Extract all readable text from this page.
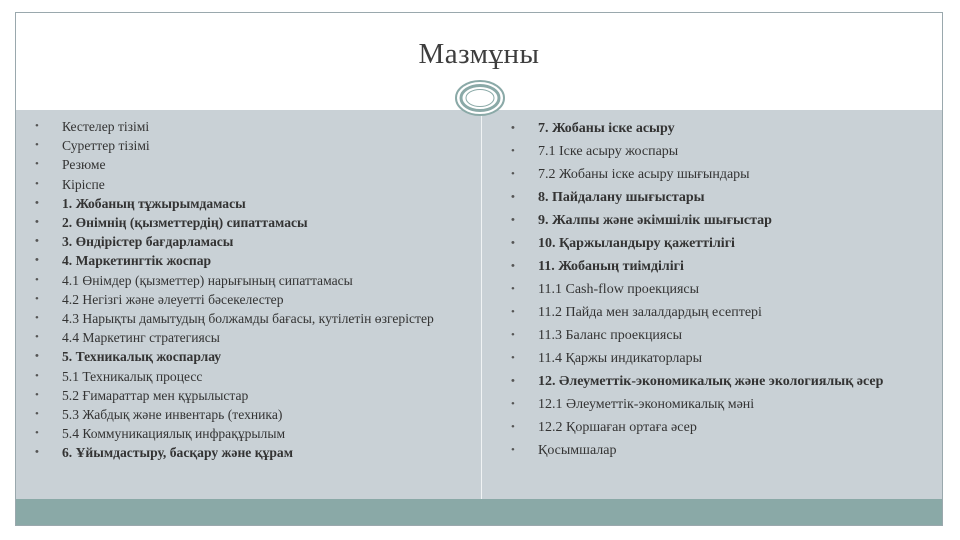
Мазмұны
• Кестелер тізімі
• Суреттер тізімі
• Резюме
• Кіріспе
• 1. Жобаның тұжырымдамасы
• 2. Өнімнің (қызметтердің) сипаттамасы
• 3. Өндірістер бағдарламасы
• 4. Маркетингтік жоспар
• 4.1 Өнімдер (қызметтер) нарығының сипаттамасы
• 4.2 Негізгі және әлеуетті бәсекелестер
• 4.3 Нарықты дамытудың болжамды бағасы, кутілетін өзгерістер
• 4.4 Маркетинг стратегиясы
• 5. Техникалық жоспарлау
• 5.1 Техникалық процесс
• 5.2 Ғимараттар мен құрылыстар
• 5.3 Жабдық және инвентарь (техника)
• 5.4 Коммуникациялық инфрақұрылым
• 6. Ұйымдастыру, басқару және құрам
• 7. Жобаны іске асыру
• 7.1 Іске асыру жоспары
• 7.2 Жобаны іске асыру шығындары
• 8. Пайдалану шығыстары
• 9. Жалпы және әкімшілік шығыстар
• 10. Қаржыландыру қажеттілігі
• 11. Жобаның тиімділігі
• 11.1 Cash-flow проекциясы
• 11.2 Пайда мен залалдардың есептері
• 11.3 Баланс проекциясы
• 11.4 Қаржы индикаторлары
• 12. Әлеуметтік-экономикалық және экологиялық әсер
• 12.1 Әлеуметтік-экономикалық мәні
• 12.2 Қоршаған ортаға әсер
• Қосымшалар
